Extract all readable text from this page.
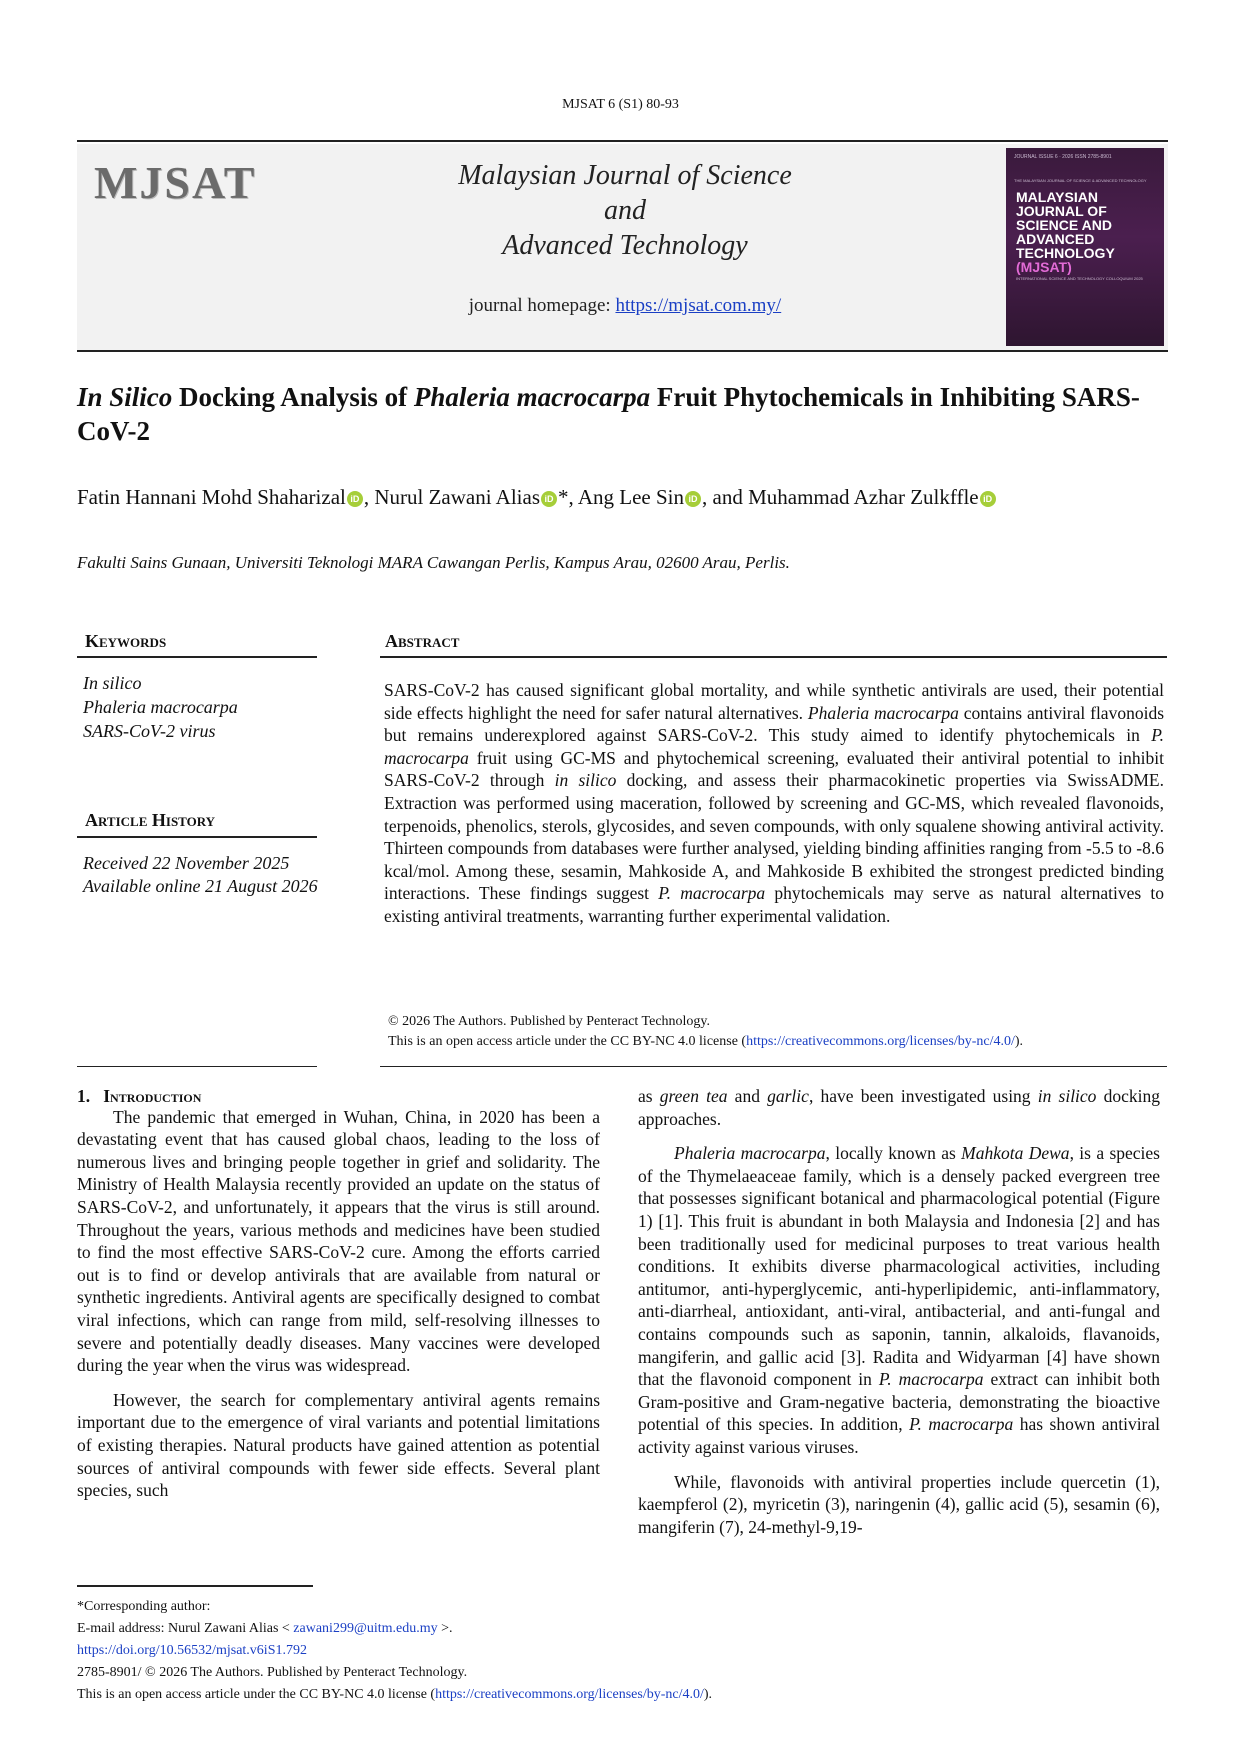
MJSAT 6 (S1) 80-93
MJSAT	Malaysian Journal of Science
and
Advanced Technology
journal homepage: https://mjsat.com.my/
JOURNAL ISSUE 6 · 2026 ISSN 2785-8901
THE MALAYSIAN JOURNAL OF SCIENCE & ADVANCED TECHNOLOGY
MALAYSIAN
JOURNAL OF
SCIENCE AND
ADVANCED
TECHNOLOGY
(MJSAT)
INTERNATIONAL SCIENCE AND TECHNOLOGY COLLOQUIUM 2025
In Silico Docking Analysis of Phaleria macrocarpa Fruit Phytochemicals in Inhibiting SARS-CoV-2
Fatin Hannani Mohd Shaharizal iD , Nurul Zawani Alias iD *, Ang Lee Sin iD , and Muhammad Azhar Zulkffle iD
Fakulti Sains Gunaan, Universiti Teknologi MARA Cawangan Perlis, Kampus Arau, 02600 Arau, Perlis.
Keywords
In silico
Phaleria macrocarpa
SARS-CoV-2 virus
Article History
Received 22 November 2025
Available online 21 August 2026
Abstract
SARS-CoV-2 has caused significant global mortality, and while synthetic antivirals are used, their potential side effects highlight the need for safer natural alternatives. Phaleria macrocarpa contains antiviral flavonoids but remains underexplored against SARS-CoV-2. This study aimed to identify phytochemicals in P. macrocarpa fruit using GC-MS and phytochemical screening, evaluated their antiviral potential to inhibit SARS-CoV-2 through in silico docking, and assess their pharmacokinetic properties via SwissADME. Extraction was performed using maceration, followed by screening and GC-MS, which revealed flavonoids, terpenoids, phenolics, sterols, glycosides, and seven compounds, with only squalene showing antiviral activity. Thirteen compounds from databases were further analysed, yielding binding affinities ranging from -5.5 to -8.6 kcal/mol. Among these, sesamin, Mahkoside A, and Mahkoside B exhibited the strongest predicted binding interactions. These findings suggest P. macrocarpa phytochemicals may serve as natural alternatives to existing antiviral treatments, warranting further experimental validation.
© 2026 The Authors. Published by Penteract Technology.
This is an open access article under the CC BY-NC 4.0 license (https://creativecommons.org/licenses/by-nc/4.0/).

1. Introduction

The pandemic that emerged in Wuhan, China, in 2020 has been a devastating event that has caused global chaos, leading to the loss of numerous lives and bringing people together in grief and solidarity. The Ministry of Health Malaysia recently provided an update on the status of SARS-CoV-2, and unfortunately, it appears that the virus is still around. Throughout the years, various methods and medicines have been studied to find the most effective SARS-CoV-2 cure. Among the efforts carried out is to find or develop antivirals that are available from natural or synthetic ingredients. Antiviral agents are specifically designed to combat viral infections, which can range from mild, self-resolving illnesses to severe and potentially deadly diseases. Many vaccines were developed during the year when the virus was widespread.

However, the search for complementary antiviral agents remains important due to the emergence of viral variants and potential limitations of existing therapies. Natural products have gained attention as potential sources of antiviral compounds with fewer side effects. Several plant species, such

as green tea and garlic, have been investigated using in silico docking approaches.

Phaleria macrocarpa, locally known as Mahkota Dewa, is a species of the Thymelaeaceae family, which is a densely packed evergreen tree that possesses significant botanical and pharmacological potential (Figure 1) [1]. This fruit is abundant in both Malaysia and Indonesia [2] and has been traditionally used for medicinal purposes to treat various health conditions. It exhibits diverse pharmacological activities, including antitumor, anti-hyperglycemic, anti-hyperlipidemic, anti-inflammatory, anti-diarrheal, antioxidant, anti-viral, antibacterial, and anti-fungal and contains compounds such as saponin, tannin, alkaloids, flavanoids, mangiferin, and gallic acid [3]. Radita and Widyarman [4] have shown that the flavonoid component in P. macrocarpa extract can inhibit both Gram-positive and Gram-negative bacteria, demonstrating the bioactive potential of this species. In addition, P. macrocarpa has shown antiviral activity against various viruses.

While, flavonoids with antiviral properties include quercetin (1), kaempferol (2), myricetin (3), naringenin (4), gallic acid (5), sesamin (6), mangiferin (7), 24-methyl-9,19-

*Corresponding author:
E-mail address: Nurul Zawani Alias < zawani299@uitm.edu.my >.
https://doi.org/10.56532/mjsat.v6iS1.792
2785-8901/ © 2026 The Authors. Published by Penteract Technology.
This is an open access article under the CC BY-NC 4.0 license (https://creativecommons.org/licenses/by-nc/4.0/).
